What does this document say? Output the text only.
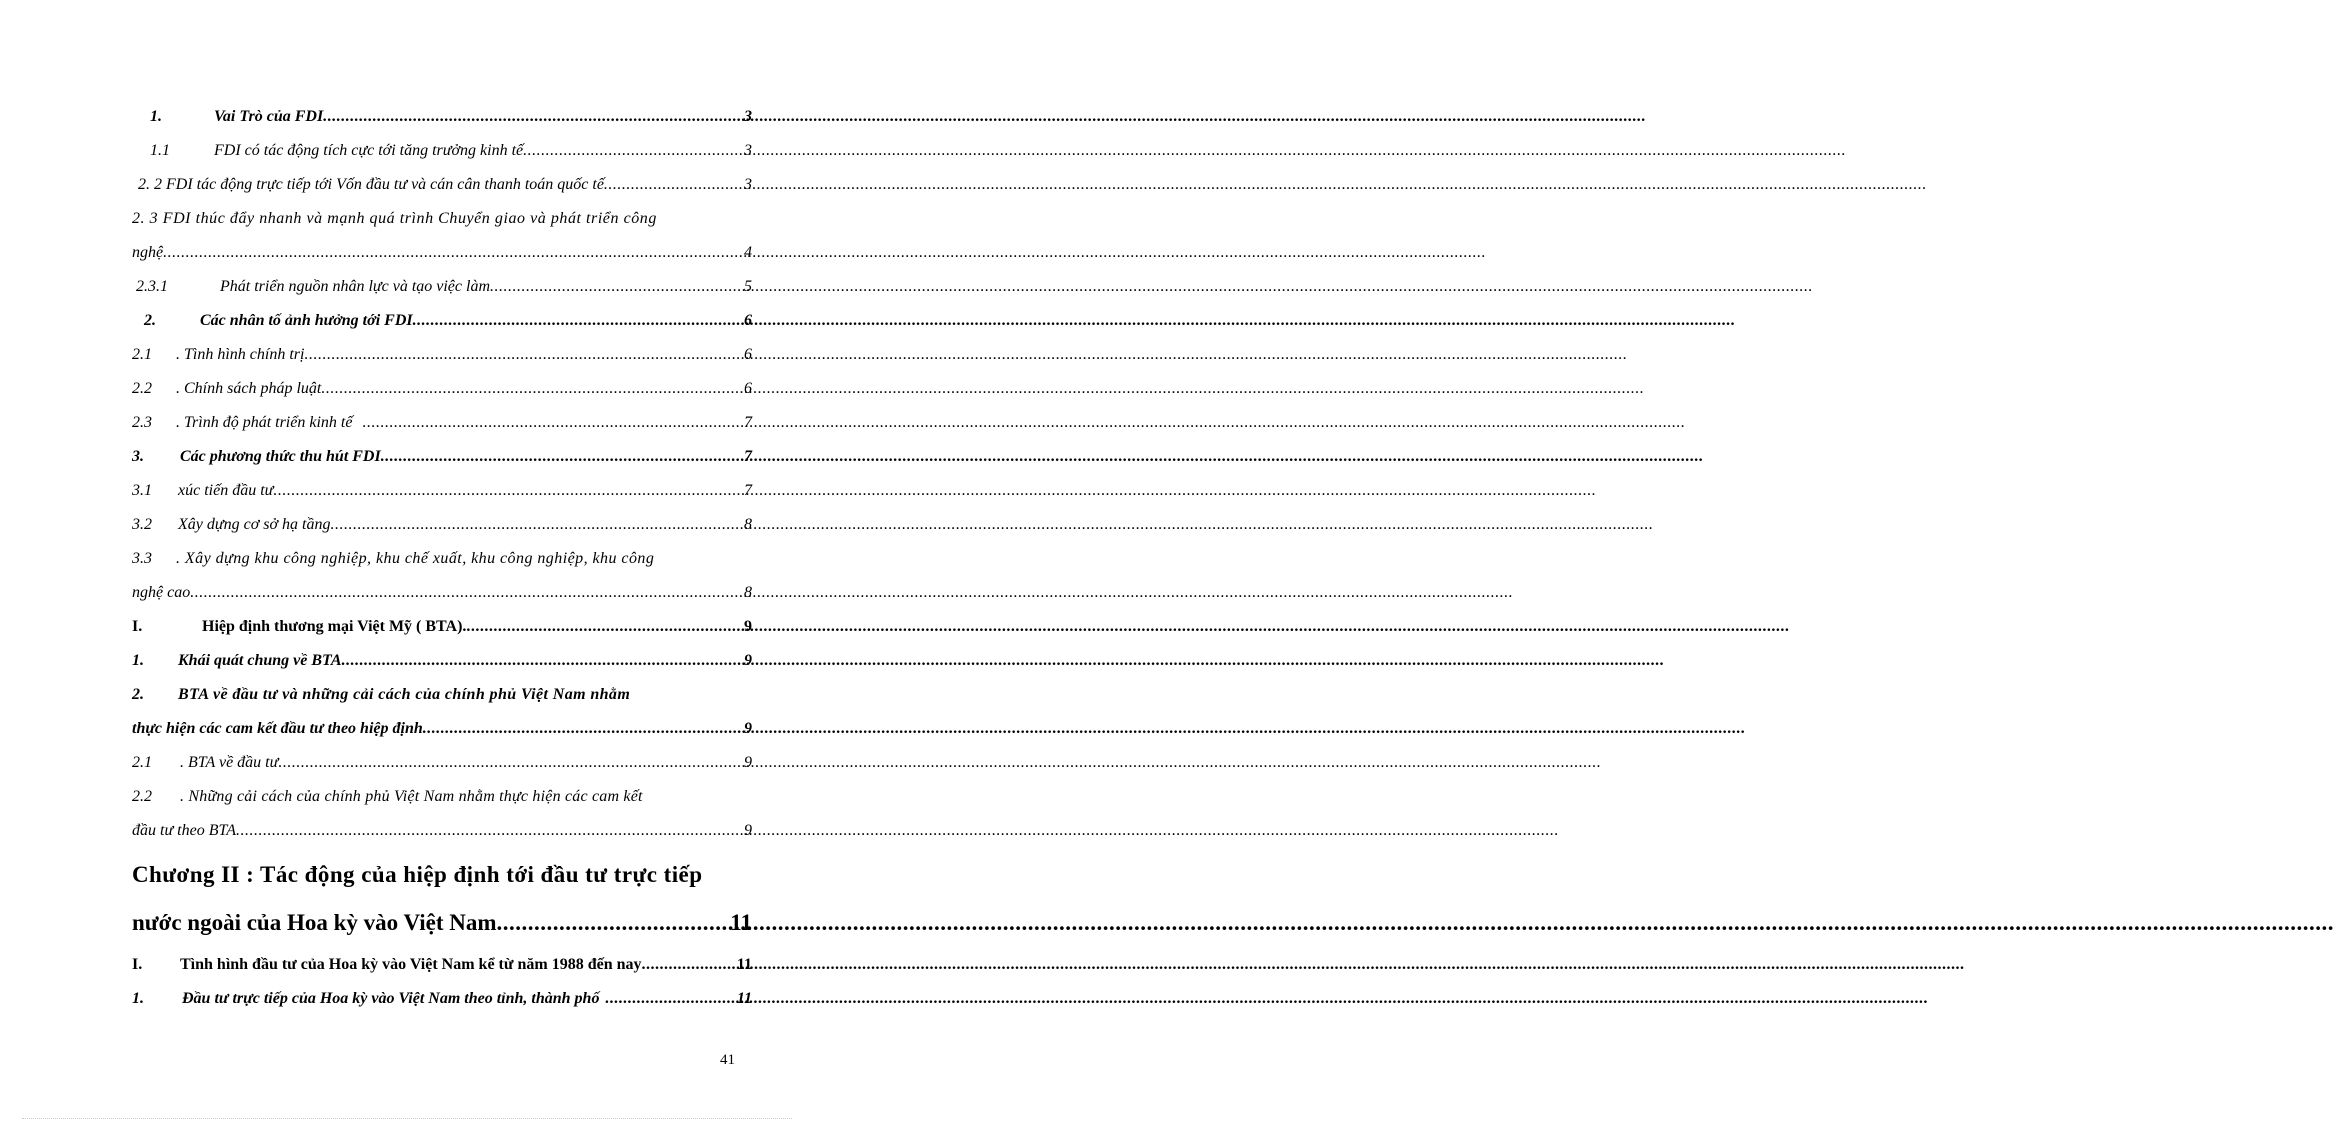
1.	Vai Trò của FDI .....	3
1.1	FDI có tác động tích cực tới tăng trưởng kinh tế .....	3
2. 2 FDI tác động trực tiếp tới Vốn đầu tư và cán cân thanh toán quốc tế .....	3
2. 3 FDI thúc đẩy nhanh và mạnh quá trình Chuyển giao và phát triển công
nghệ .....	4
2.3.1	Phát triển nguồn nhân lực và tạo việc làm .....	5
2.	Các nhân tố ảnh hưởng tới FDI .....	6
2.1	. Tình hình chính trị .....	6
2.2	. Chính sách pháp luật .....	6
2.3	. Trình độ phát triển kinh tế .....	7
3.	Các phương thức thu hút FDI .....	7
3.1	xúc tiến đầu tư .....	7
3.2	Xây dựng cơ sở hạ tầng .....	8
3.3	. Xây dựng khu công nghiệp, khu chế xuất, khu công nghiệp, khu công
nghệ cao .....	8
I.	Hiệp định thương mại Việt Mỹ ( BTA). .....	9
1.	Khái quát chung về BTA .....	9
2.	BTA về đầu tư và những cải cách của chính phủ Việt Nam nhằm
thực hiện các cam kết đầu tư theo hiệp định .....	9
2.1	. BTA về đầu tư .....	9
2.2	. Những cải cách của chính phủ Việt Nam nhằm thực hiện các cam kết
đầu tư theo BTA .....	9
Chương II : Tác động của hiệp định tới đầu tư trực tiếp
nước ngoài của Hoa kỳ vào Việt Nam .....	11
I.	Tình hình đầu tư của Hoa kỳ vào Việt Nam kể từ năm 1988 đến nay .....	11
1.	Đầu tư trực tiếp của Hoa kỳ vào Việt Nam theo tỉnh, thành phố .....	11
41
